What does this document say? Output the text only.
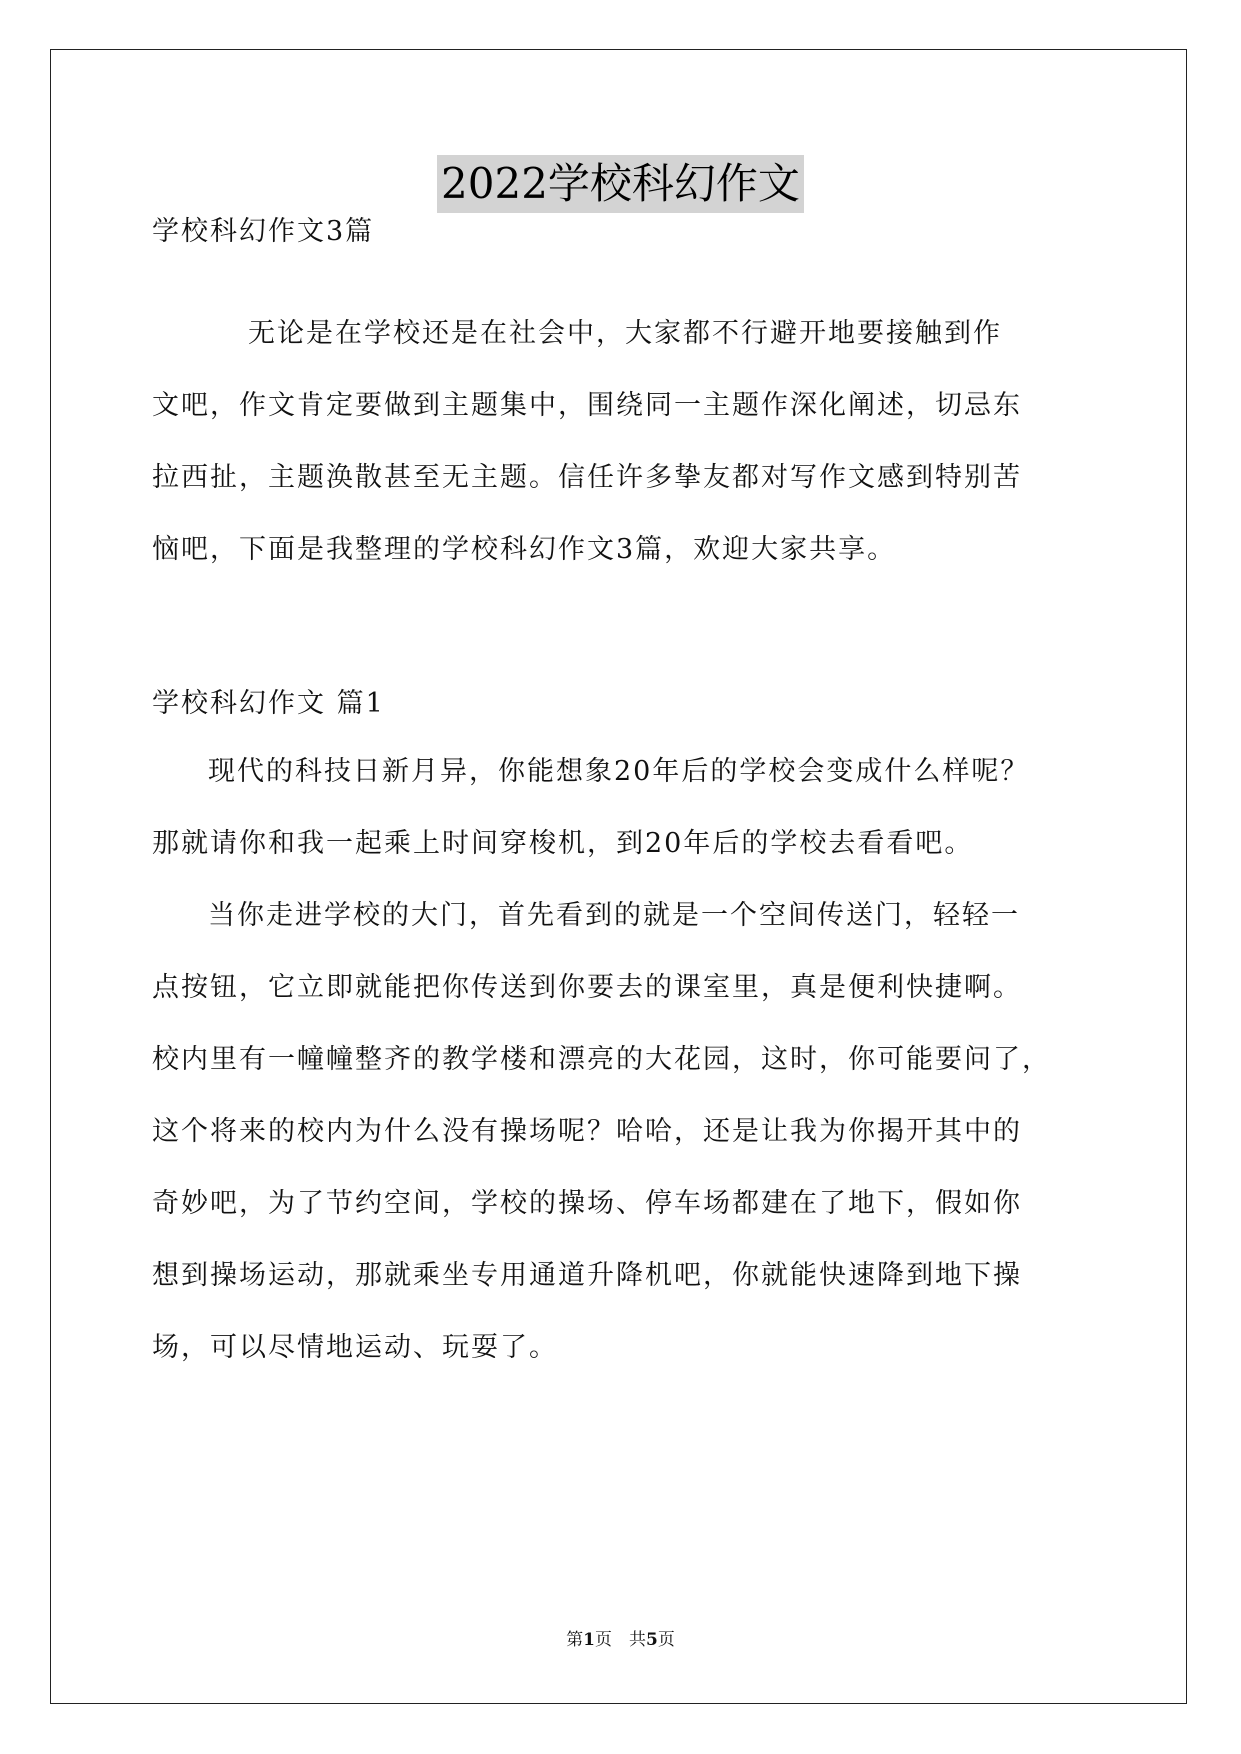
2022学校科幻作文
学校科幻作文3篇
无论是在学校还是在社会中，大家都不行避开地要接触到作
文吧，作文肯定要做到主题集中，围绕同一主题作深化阐述，切忌东
拉西扯，主题涣散甚至无主题。信任许多挚友都对写作文感到特别苦
恼吧，下面是我整理的学校科幻作文3篇，欢迎大家共享。
学校科幻作文 篇1
现代的科技日新月异，你能想象20年后的学校会变成什么样呢？
那就请你和我一起乘上时间穿梭机，到20年后的学校去看看吧。
当你走进学校的大门，首先看到的就是一个空间传送门，轻轻一
点按钮，它立即就能把你传送到你要去的课室里，真是便利快捷啊。
校内里有一幢幢整齐的教学楼和漂亮的大花园，这时，你可能要问了，
这个将来的校内为什么没有操场呢？哈哈，还是让我为你揭开其中的
奇妙吧，为了节约空间，学校的操场、停车场都建在了地下，假如你
想到操场运动，那就乘坐专用通道升降机吧，你就能快速降到地下操
场，可以尽情地运动、玩耍了。
第1页　共5页
